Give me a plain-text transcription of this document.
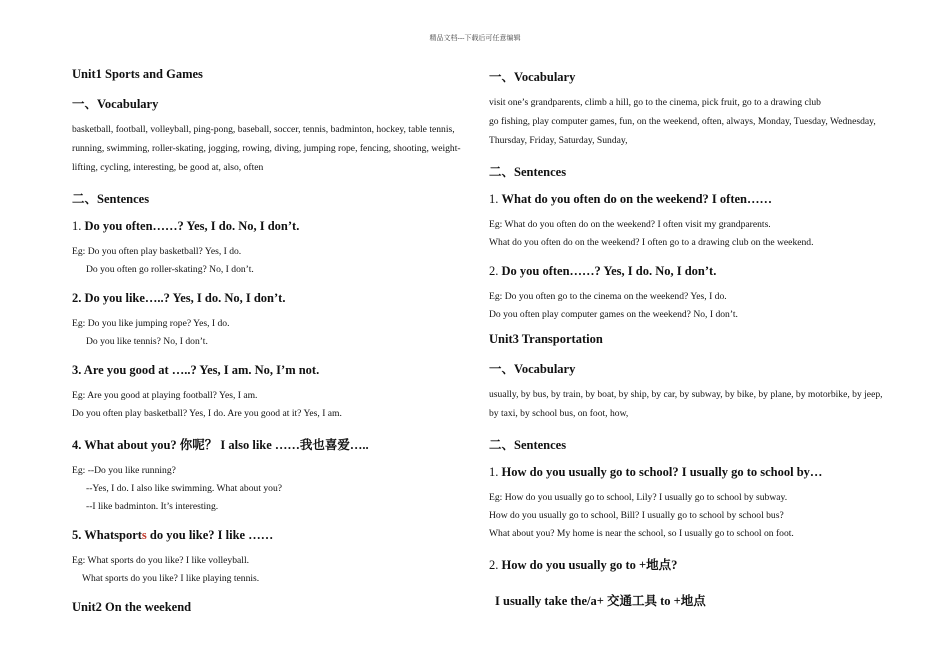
精品文档---下载后可任意编辑
Unit1 Sports and Games
一、Vocabulary

basketball, football, volleyball, ping-pong, baseball, soccer, tennis, badminton, hockey, table tennis, running, swimming, roller-skating, jogging, rowing, diving, jumping rope, fencing, shooting, weight-lifting, cycling, interesting, be good at, also, often

二、Sentences
1. Do you often……? Yes, I do. No, I don’t.
Eg: Do you often play basketball? Yes, I do.
Do you often go roller-skating? No, I don’t.
2. Do you like…..? Yes, I do. No, I don’t.
Eg: Do you like jumping rope? Yes, I do.
Do you like tennis? No, I don’t.
3. Are you good at …..? Yes, I am. No, I’m not.
Eg: Are you good at playing football? Yes, I am.
Do you often play basketball? Yes, I do. Are you good at it? Yes, I am.
4. What about you? 你呢？ I also like ……我也喜爱…..
Eg: --Do you like running?
--Yes, I do. I also like swimming. What about you?
--I like badminton. It’s interesting.
5. Whatsports do you like? I like ……
Eg: What sports do you like? I like volleyball.
What sports do you like? I like playing tennis.
Unit2 On the weekend
一、Vocabulary

visit one’s grandparents, climb a hill, go to the cinema, pick fruit, go to a drawing club

go fishing, play computer games, fun, on the weekend, often, always, Monday, Tuesday, Wednesday, Thursday, Friday, Saturday, Sunday,

二、Sentences
1. What do you often do on the weekend? I often……
Eg: What do you often do on the weekend? I often visit my grandparents.
What do you often do on the weekend? I often go to a drawing club on the weekend.
2. Do you often……? Yes, I do. No, I don’t.
Eg: Do you often go to the cinema on the weekend? Yes, I do.
Do you often play computer games on the weekend? No, I don’t.
Unit3 Transportation
一、Vocabulary

usually, by bus, by train, by boat, by ship, by car, by subway, by bike, by plane, by motorbike, by jeep, by taxi, by school bus, on foot, how,

二、Sentences
1. How do you usually go to school? I usually go to school by…
Eg: How do you usually go to school, Lily? I usually go to school by subway.
How do you usually go to school, Bill? I usually go to school by school bus?
What about you? My home is near the school, so I usually go to school on foot.
2. How do you usually go to +地点?
I usually take the/a+ 交通工具 to +地点
